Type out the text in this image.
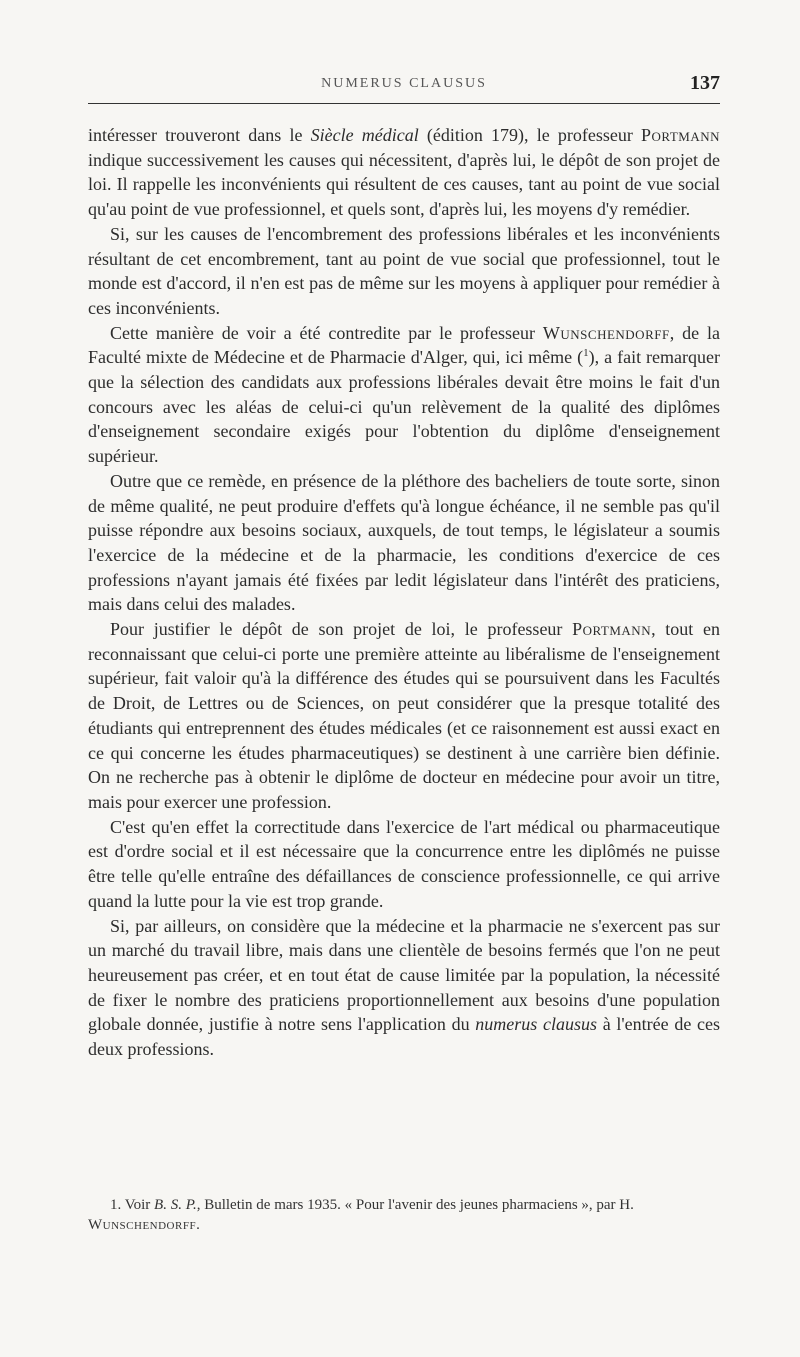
NUMERUS CLAUSUS	137

intéresser trouveront dans le Siècle médical (édition 179), le professeur Portmann indique successivement les causes qui nécessitent, d'après lui, le dépôt de son projet de loi. Il rappelle les inconvénients qui résultent de ces causes, tant au point de vue social qu'au point de vue professionnel, et quels sont, d'après lui, les moyens d'y remédier.

Si, sur les causes de l'encombrement des professions libérales et les inconvénients résultant de cet encombrement, tant au point de vue social que professionnel, tout le monde est d'accord, il n'en est pas de même sur les moyens à appliquer pour remédier à ces inconvénients.

Cette manière de voir a été contredite par le professeur Wunschendorff, de la Faculté mixte de Médecine et de Pharmacie d'Alger, qui, ici même ($^1$), a fait remarquer que la sélection des candidats aux professions libérales devait être moins le fait d'un concours avec les aléas de celui-ci qu'un relèvement de la qualité des diplômes d'enseignement secondaire exigés pour l'obtention du diplôme d'enseignement supérieur.

Outre que ce remède, en présence de la pléthore des bacheliers de toute sorte, sinon de même qualité, ne peut produire d'effets qu'à longue échéance, il ne semble pas qu'il puisse répondre aux besoins sociaux, auxquels, de tout temps, le législateur a soumis l'exercice de la médecine et de la pharmacie, les conditions d'exercice de ces professions n'ayant jamais été fixées par ledit législateur dans l'intérêt des praticiens, mais dans celui des malades.

Pour justifier le dépôt de son projet de loi, le professeur Portmann, tout en reconnaissant que celui-ci porte une première atteinte au libéralisme de l'enseignement supérieur, fait valoir qu'à la différence des études qui se poursuivent dans les Facultés de Droit, de Lettres ou de Sciences, on peut considérer que la presque totalité des étudiants qui entreprennent des études médicales (et ce raisonnement est aussi exact en ce qui concerne les études pharmaceutiques) se destinent à une carrière bien définie. On ne recherche pas à obtenir le diplôme de docteur en médecine pour avoir un titre, mais pour exercer une profession.

C'est qu'en effet la correctitude dans l'exercice de l'art médical ou pharmaceutique est d'ordre social et il est nécessaire que la concurrence entre les diplômés ne puisse être telle qu'elle entraîne des défaillances de conscience professionnelle, ce qui arrive quand la lutte pour la vie est trop grande.

Si, par ailleurs, on considère que la médecine et la pharmacie ne s'exercent pas sur un marché du travail libre, mais dans une clientèle de besoins fermés que l'on ne peut heureusement pas créer, et en tout état de cause limitée par la population, la nécessité de fixer le nombre des praticiens proportionnellement aux besoins d'une population globale donnée, justifie à notre sens l'application du numerus clausus à l'entrée de ces deux professions.

1. Voir B. S. P., Bulletin de mars 1935. « Pour l'avenir des jeunes pharmaciens », par H. Wunschendorff.
